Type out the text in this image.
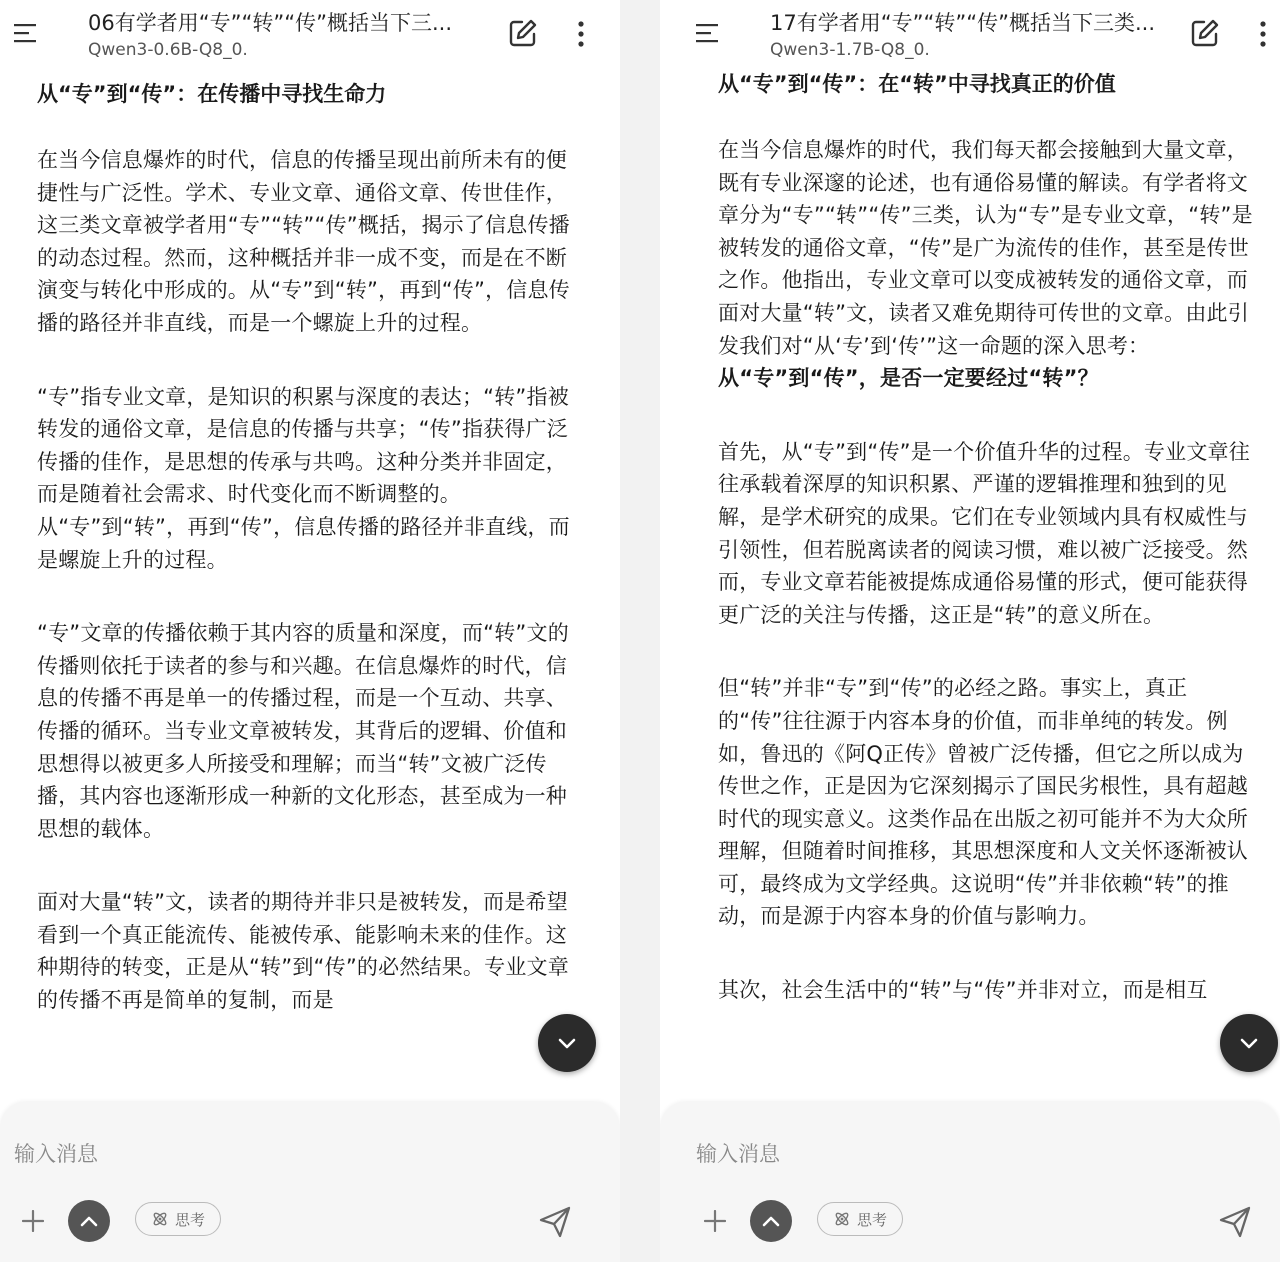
06有学者用“专”“转”“传”概括当下三...
Qwen3-0.6B-Q8_0.
从“专”到“传”：在传播中寻找生命力

在当今信息爆炸的时代，信息的传播呈现出前所未有的便捷性与广泛性。学术、专业文章、通俗文章、传世佳作，这三类文章被学者用“专”“转”“传”概括，揭示了信息传播的动态过程。然而，这种概括并非一成不变，而是在不断演变与转化中形成的。从“专”到“转”，再到“传”，信息传播的路径并非直线，而是一个螺旋上升的过程。

“专”指专业文章，是知识的积累与深度的表达；“转”指被转发的通俗文章，是信息的传播与共享；“传”指获得广泛传播的佳作，是思想的传承与共鸣。这种分类并非固定，而是随着社会需求、时代变化而不断调整的。从“专”到“转”，再到“传”，信息传播的路径并非直线，而是螺旋上升的过程。

“专”文章的传播依赖于其内容的质量和深度，而“转”文的传播则依托于读者的参与和兴趣。在信息爆炸的时代，信息的传播不再是单一的传播过程，而是一个互动、共享、传播的循环。当专业文章被转发，其背后的逻辑、价值和思想得以被更多人所接受和理解；而当“转”文被广泛传播，其内容也逐渐形成一种新的文化形态，甚至成为一种思想的载体。

面对大量“转”文，读者的期待并非只是被转发，而是希望看到一个真正能流传、能被传承、能影响未来的佳作。这种期待的转变，正是从“转”到“传”的必然结果。专业文章的传播不再是简单的复制，而是

输入消息
思考
17有学者用“专”“转”“传”概括当下三类...
Qwen3-1.7B-Q8_0.
从“专”到“传”：在“转”中寻找真正的价值

在当今信息爆炸的时代，我们每天都会接触到大量文章，既有专业深邃的论述，也有通俗易懂的解读。有学者将文章分为“专”“转”“传”三类，认为“专”是专业文章，“转”是被转发的通俗文章，“传”是广为流传的佳作，甚至是传世之作。他指出，专业文章可以变成被转发的通俗文章，而面对大量“转”文，读者又难免期待可传世的文章。由此引发我们对“从‘专’到‘传’”这一命题的深入思考：从“专”到“传”，是否一定要经过“转”？

首先，从“专”到“传”是一个价值升华的过程。专业文章往往承载着深厚的知识积累、严谨的逻辑推理和独到的见解，是学术研究的成果。它们在专业领域内具有权威性与引领性，但若脱离读者的阅读习惯，难以被广泛接受。然而，专业文章若能被提炼成通俗易懂的形式，便可能获得更广泛的关注与传播，这正是“转”的意义所在。

但“转”并非“专”到“传”的必经之路。事实上，真正的“传”往往源于内容本身的价值，而非单纯的转发。例如，鲁迅的《阿Q正传》曾被广泛传播，但它之所以成为传世之作，正是因为它深刻揭示了国民劣根性，具有超越时代的现实意义。这类作品在出版之初可能并不为大众所理解，但随着时间推移，其思想深度和人文关怀逐渐被认可，最终成为文学经典。这说明“传”并非依赖“转”的推动，而是源于内容本身的价值与影响力。

其次，社会生活中的“转”与“传”并非对立，而是相互

输入消息
思考
